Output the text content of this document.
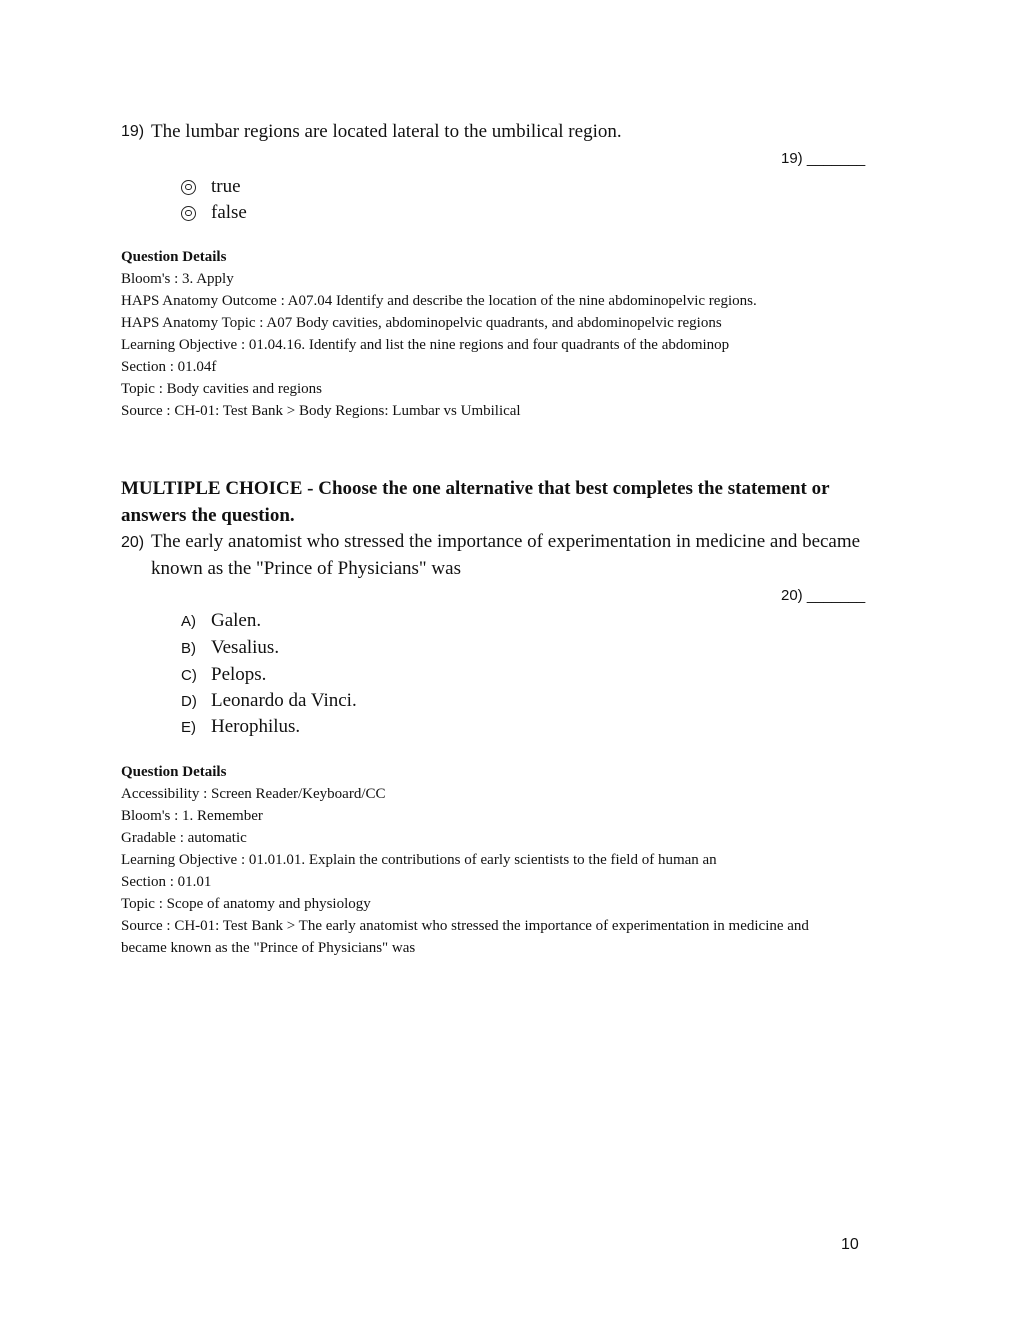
19) The lumbar regions are located lateral to the umbilical region.
19) _______
true
false
Question Details
Bloom's : 3. Apply
HAPS Anatomy Outcome : A07.04 Identify and describe the location of the nine abdominopelvic regions.
HAPS Anatomy Topic : A07 Body cavities, abdominopelvic quadrants, and abdominopelvic regions
Learning Objective : 01.04.16. Identify and list the nine regions and four quadrants of the abdominop
Section : 01.04f
Topic : Body cavities and regions
Source : CH-01: Test Bank > Body Regions: Lumbar vs Umbilical
MULTIPLE CHOICE - Choose the one alternative that best completes the statement or
answers the question.
20) The early anatomist who stressed the importance of experimentation in medicine and became
known as the "Prince of Physicians" was
20) _______
A) Galen.
B) Vesalius.
C) Pelops.
D) Leonardo da Vinci.
E) Herophilus.
Question Details
Accessibility : Screen Reader/Keyboard/CC
Bloom's : 1. Remember
Gradable : automatic
Learning Objective : 01.01.01. Explain the contributions of early scientists to the field of human an
Section : 01.01
Topic : Scope of anatomy and physiology
Source : CH-01: Test Bank > The early anatomist who stressed the importance of experimentation in medicine and
became known as the "Prince of Physicians" was
10
